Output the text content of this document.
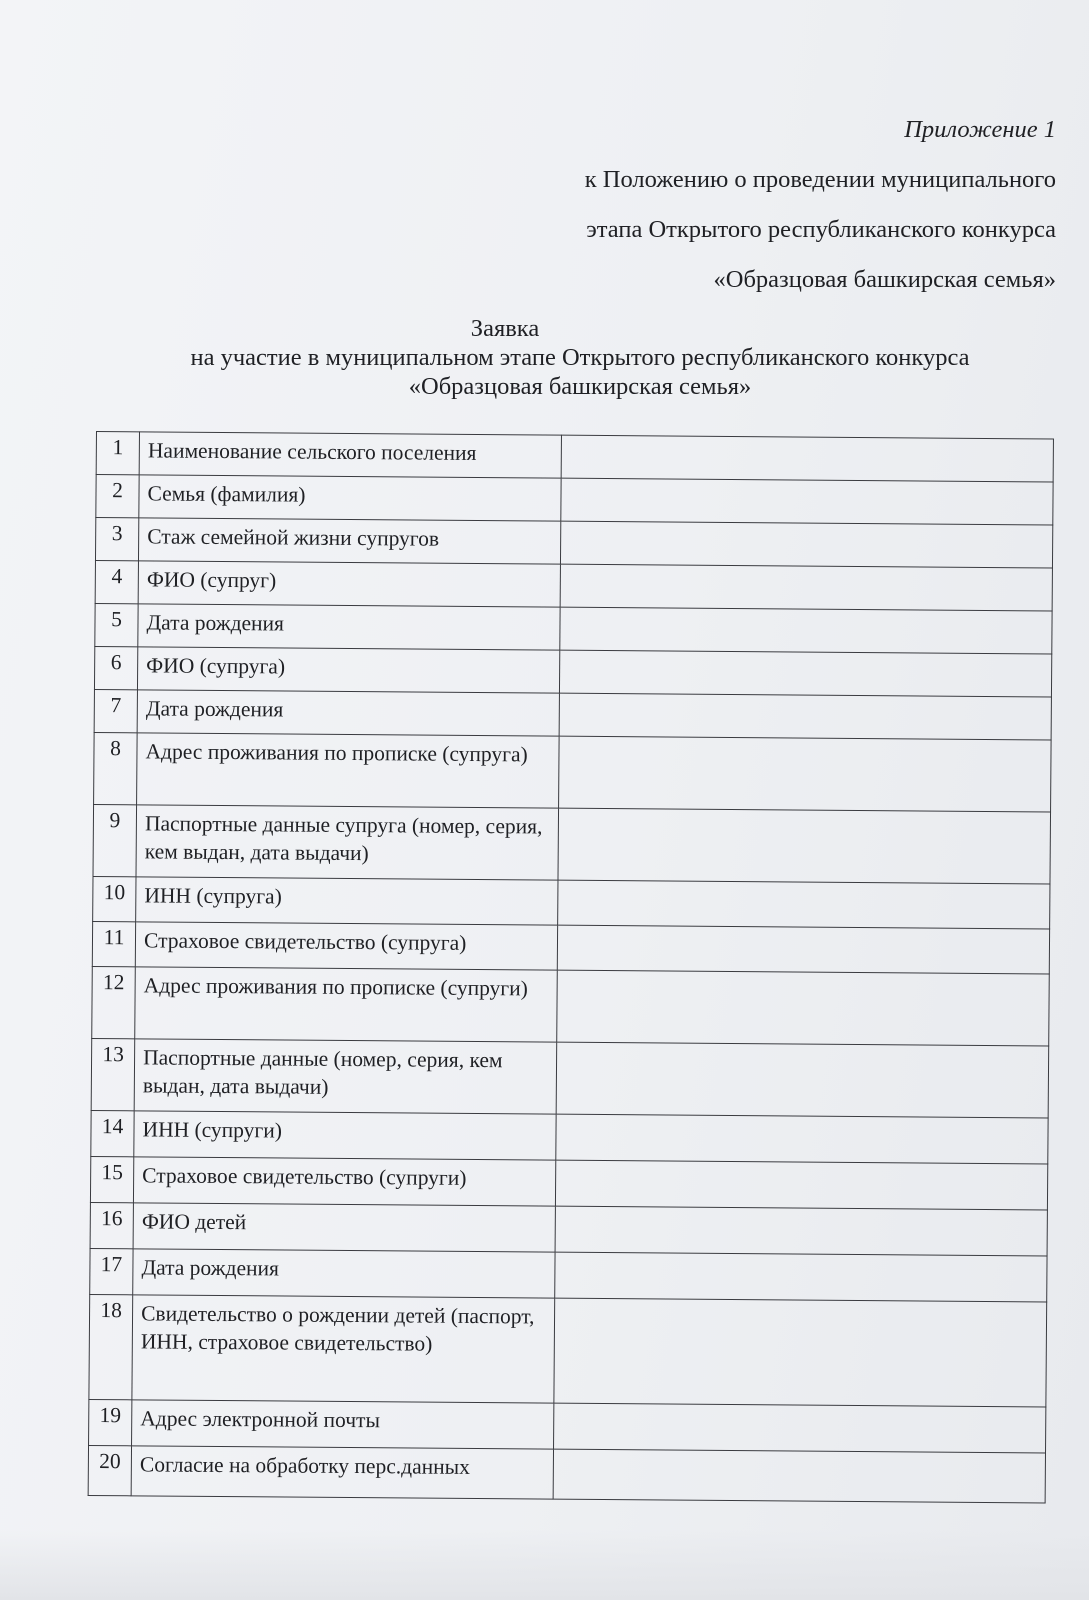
Приложение 1
к Положению о проведении муниципального
этапа Открытого республиканского конкурса
«Образцовая башкирская семья»
Заявка
на участие в муниципальном этапе Открытого республиканского конкурса
«Образцовая башкирская семья»
1	Наименование сельского поселения	
2	Семья (фамилия)	
3	Стаж семейной жизни супругов	
4	ФИО (супруг)	
5	Дата рождения	
6	ФИО (супруга)	
7	Дата рождения	
8	Адрес проживания по прописке (супруга)	
9	Паспортные данные супруга (номер, серия, кем выдан, дата выдачи)	
10	ИНН (супруга)	
11	Страховое свидетельство (супруга)	
12	Адрес проживания по прописке (супруги)	
13	Паспортные данные (номер, серия, кем выдан, дата выдачи)	
14	ИНН (супруги)	
15	Страховое свидетельство (супруги)	
16	ФИО детей	
17	Дата рождения	
18	Свидетельство о рождении детей (паспорт, ИНН, страховое свидетельство)	
19	Адрес электронной почты	
20	Согласие на обработку перс.данных	
